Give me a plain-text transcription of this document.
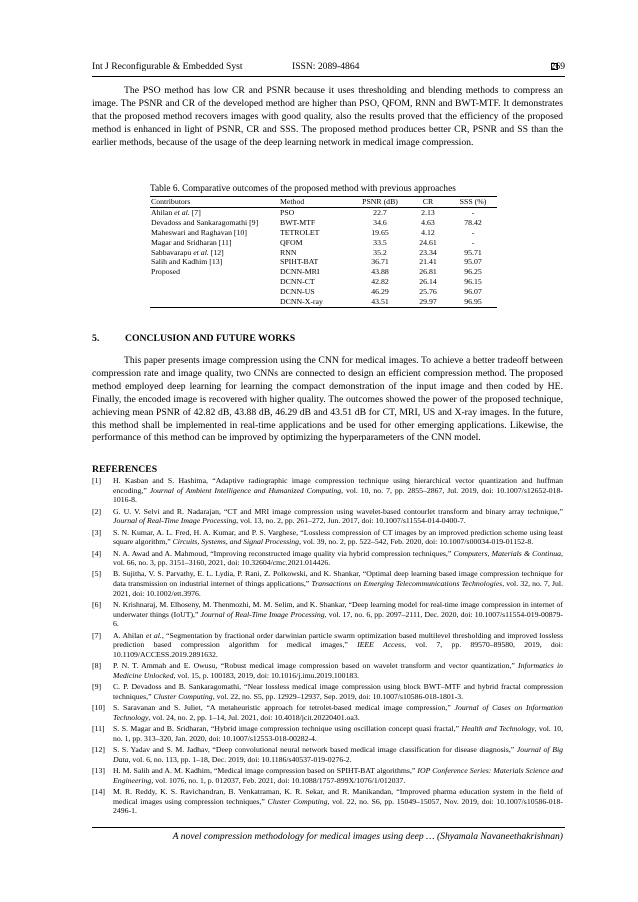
Int J Reconfigurable & Embedded Syst	ISSN: 2089-4864	269

The PSO method has low CR and PSNR because it uses thresholding and blending methods to compress an image. The PSNR and CR of the developed method are higher than PSO, QFOM, RNN and BWT-MTF. It demonstrates that the proposed method recovers images with good quality, also the results proved that the efficiency of the proposed method is enhanced in light of PSNR, CR and SSS. The proposed method produces better CR, PSNR and SS than the earlier methods, because of the usage of the deep learning network in medical image compression.

Table 6. Comparative outcomes of the proposed method with previous approaches
Contributors	Method	PSNR (dB)	CR	SSS (%)
Ahilan et al. [7]	PSO	22.7	2.13	-
Devadoss and Sankaragomathi [9]	BWT-MTF	34.6	4.63	78.42
Maheswari and Raghavan [10]	TETROLET	19.65	4.12	-
Magar and Sridharan [11]	QFOM	33.5	24.61	-
Sabbavarapu et al. [12]	RNN	35.2	23.34	95.71
Salih and Kadhim [13]	SPIHT-BAT	36.71	21.41	95.07
Proposed	DCNN-MRI	43.88	26.81	96.25
	DCNN-CT	42.82	26.14	96.15
	DCNN-US	46.29	25.76	96.07
	DCNN-X-ray	43.51	29.97	96.95
5.	CONCLUSION AND FUTURE WORKS

This paper presents image compression using the CNN for medical images. To achieve a better tradeoff between compression rate and image quality, two CNNs are connected to design an efficient compression method. The proposed method employed deep learning for learning the compact demonstration of the input image and then coded by HE. Finally, the encoded image is recovered with higher quality. The outcomes showed the power of the proposed technique, achieving mean PSNR of 42.82 dB, 43.88 dB, 46.29 dB and 43.51 dB for CT, MRI, US and X-ray images. In the future, this method shall be implemented in real-time applications and be used for other emerging applications. Likewise, the performance of this method can be improved by optimizing the hyperparameters of the CNN model.

REFERENCES
[1] H. Kasban and S. Hashima, “Adaptive radiographic image compression technique using hierarchical vector quantization and huffman encoding,” Journal of Ambient Intelligence and Humanized Computing, vol. 10, no. 7, pp. 2855–2867, Jul. 2019, doi: 10.1007/s12652-018-1016-8.
[2] G. U. V. Selvi and R. Nadarajan, “CT and MRI image compression using wavelet-based contourlet transform and binary array technique,” Journal of Real-Time Image Processing, vol. 13, no. 2, pp. 261–272, Jun. 2017, doi: 10.1007/s11554-014-0400-7.
[3] S. N. Kumar, A. L. Fred, H. A. Kumar, and P. S. Varghese, “Lossless compression of CT images by an improved prediction scheme using least square algorithm,” Circuits, Systems, and Signal Processing, vol. 39, no. 2, pp. 522–542, Feb. 2020, doi: 10.1007/s00034-019-01152-8.
[4] N. A. Awad and A. Mahmoud, “Improving reconstructed image quality via hybrid compression techniques,” Computers, Materials & Continua, vol. 66, no. 3, pp. 3151–3160, 2021, doi: 10.32604/cmc.2021.014426.
[5] B. Sujitha, V. S. Parvathy, E. L. Lydia, P. Rani, Z. Polkowski, and K. Shankar, “Optimal deep learning based image compression technique for data transmission on industrial internet of things applications,” Transactions on Emerging Telecommunications Technologies, vol. 32, no. 7, Jul. 2021, doi: 10.1002/ett.3976.
[6] N. Krishnaraj, M. Elhoseny, M. Thenmozhi, M. M. Selim, and K. Shankar, “Deep learning model for real-time image compression in internet of underwater things (IoUT),” Journal of Real-Time Image Processing, vol. 17, no. 6, pp. 2097–2111, Dec. 2020, doi: 10.1007/s11554-019-00879-6.
[7] A. Ahilan et al., “Segmentation by fractional order darwinian particle swarm optimization based multilevel thresholding and improved lossless prediction based compression algorithm for medical images,” IEEE Access, vol. 7, pp. 89570–89580, 2019, doi: 10.1109/ACCESS.2019.2891632.
[8] P. N. T. Ammah and E. Owusu, “Robust medical image compression based on wavelet transform and vector quantization,” Informatics in Medicine Unlocked, vol. 15, p. 100183, 2019, doi: 10.1016/j.imu.2019.100183.
[9] C. P. Devadoss and B. Sankaragomathi, “Near lossless medical image compression using block BWT–MTF and hybrid fractal compression techniques,” Cluster Computing, vol. 22, no. S5, pp. 12929–12937, Sep. 2019, doi: 10.1007/s10586-018-1801-3.
[10] S. Saravanan and S. Juliet, “A metaheuristic approach for tetrolet-based medical image compression,” Journal of Cases on Information Technology, vol. 24, no. 2, pp. 1–14, Jul. 2021, doi: 10.4018/jcit.20220401.oa3.
[11] S. S. Magar and B. Sridharan, “Hybrid image compression technique using oscillation concept quasi fractal,” Health and Technology, vol. 10, no. 1, pp. 313–320, Jan. 2020, doi: 10.1007/s12553-018-00282-4.
[12] S. S. Yadav and S. M. Jadhav, “Deep convolutional neural network based medical image classification for disease diagnosis,” Journal of Big Data, vol. 6, no. 113, pp. 1–18, Dec. 2019, doi: 10.1186/s40537-019-0276-2.
[13] H. M. Salih and A. M. Kadhim, “Medical image compression based on SPIHT-BAT algorithms,” IOP Conference Series: Materials Science and Engineering, vol. 1076, no. 1, p. 012037, Feb. 2021, doi: 10.1088/1757-899X/1076/1/012037.
[14] M. R. Reddy, K. S. Ravichandran, B. Venkatraman, K. R. Sekar, and R. Manikandan, “Improved pharma education system in the field of medical images using compression techniques,” Cluster Computing, vol. 22, no. S6, pp. 15049–15057, Nov. 2019, doi: 10.1007/s10586-018-2496-1.
A novel compression methodology for medical images using deep … (Shyamala Navaneethakrishnan)
